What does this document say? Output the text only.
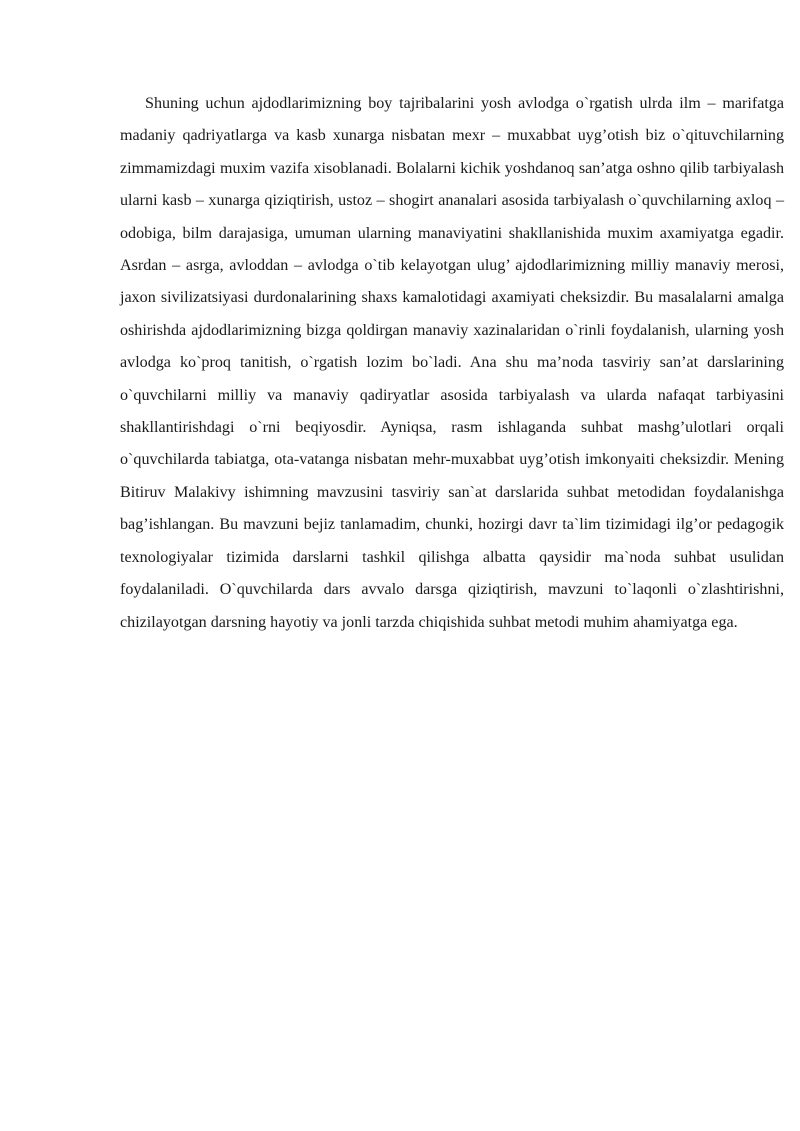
Shuning uchun ajdodlarimizning boy tajribalarini yosh avlodga o`rgatish ulrda ilm – marifatga madaniy qadriyatlarga va kasb xunarga nisbatan mexr – muxabbat uyg’otish biz o`qituvchilarning zimmamizdagi muxim vazifa xisoblanadi. Bolalarni kichik yoshdanoq san’atga oshno qilib tarbiyalash ularni kasb – xunarga qiziqtirish, ustoz – shogirt ananalari asosida tarbiyalash o`quvchilarning axloq – odobiga, bilm darajasiga, umuman ularning manaviyatini shakllanishida muxim axamiyatga egadir. Asrdan – asrga, avloddan – avlodga o`tib kelayotgan ulug’ ajdodlarimizning milliy manaviy merosi, jaxon sivilizatsiyasi durdonalarining shaxs kamalotidagi axamiyati cheksizdir. Bu masalalarni amalga oshirishda ajdodlarimizning bizga qoldirgan manaviy xazinalaridan o`rinli foydalanish, ularning yosh avlodga ko`proq tanitish, o`rgatish lozim bo`ladi. Ana shu ma’noda tasviriy san’at darslarining o`quvchilarni milliy va manaviy qadiryatlar asosida tarbiyalash va ularda nafaqat tarbiyasini shakllantirishdagi o`rni beqiyosdir. Ayniqsa, rasm ishlaganda suhbat mashg’ulotlari orqali o`quvchilarda tabiatga, ota-vatanga nisbatan mehr-muxabbat uyg’otish imkonyaiti cheksizdir. Mening Bitiruv Malakivy ishimning mavzusini tasviriy san`at darslarida suhbat metodidan foydalanishga bag’ishlangan. Bu mavzuni bejiz tanlamadim, chunki, hozirgi davr ta`lim tizimidagi ilg’or pedagogik texnologiyalar tizimida darslarni tashkil qilishga albatta qaysidir ma`noda suhbat usulidan foydalaniladi. O`quvchilarda dars avvalo darsga qiziqtirish, mavzuni to`laqonli o`zlashtirishni, chizilayotgan darsning hayotiy va jonli tarzda chiqishida suhbat metodi muhim ahamiyatga ega.
